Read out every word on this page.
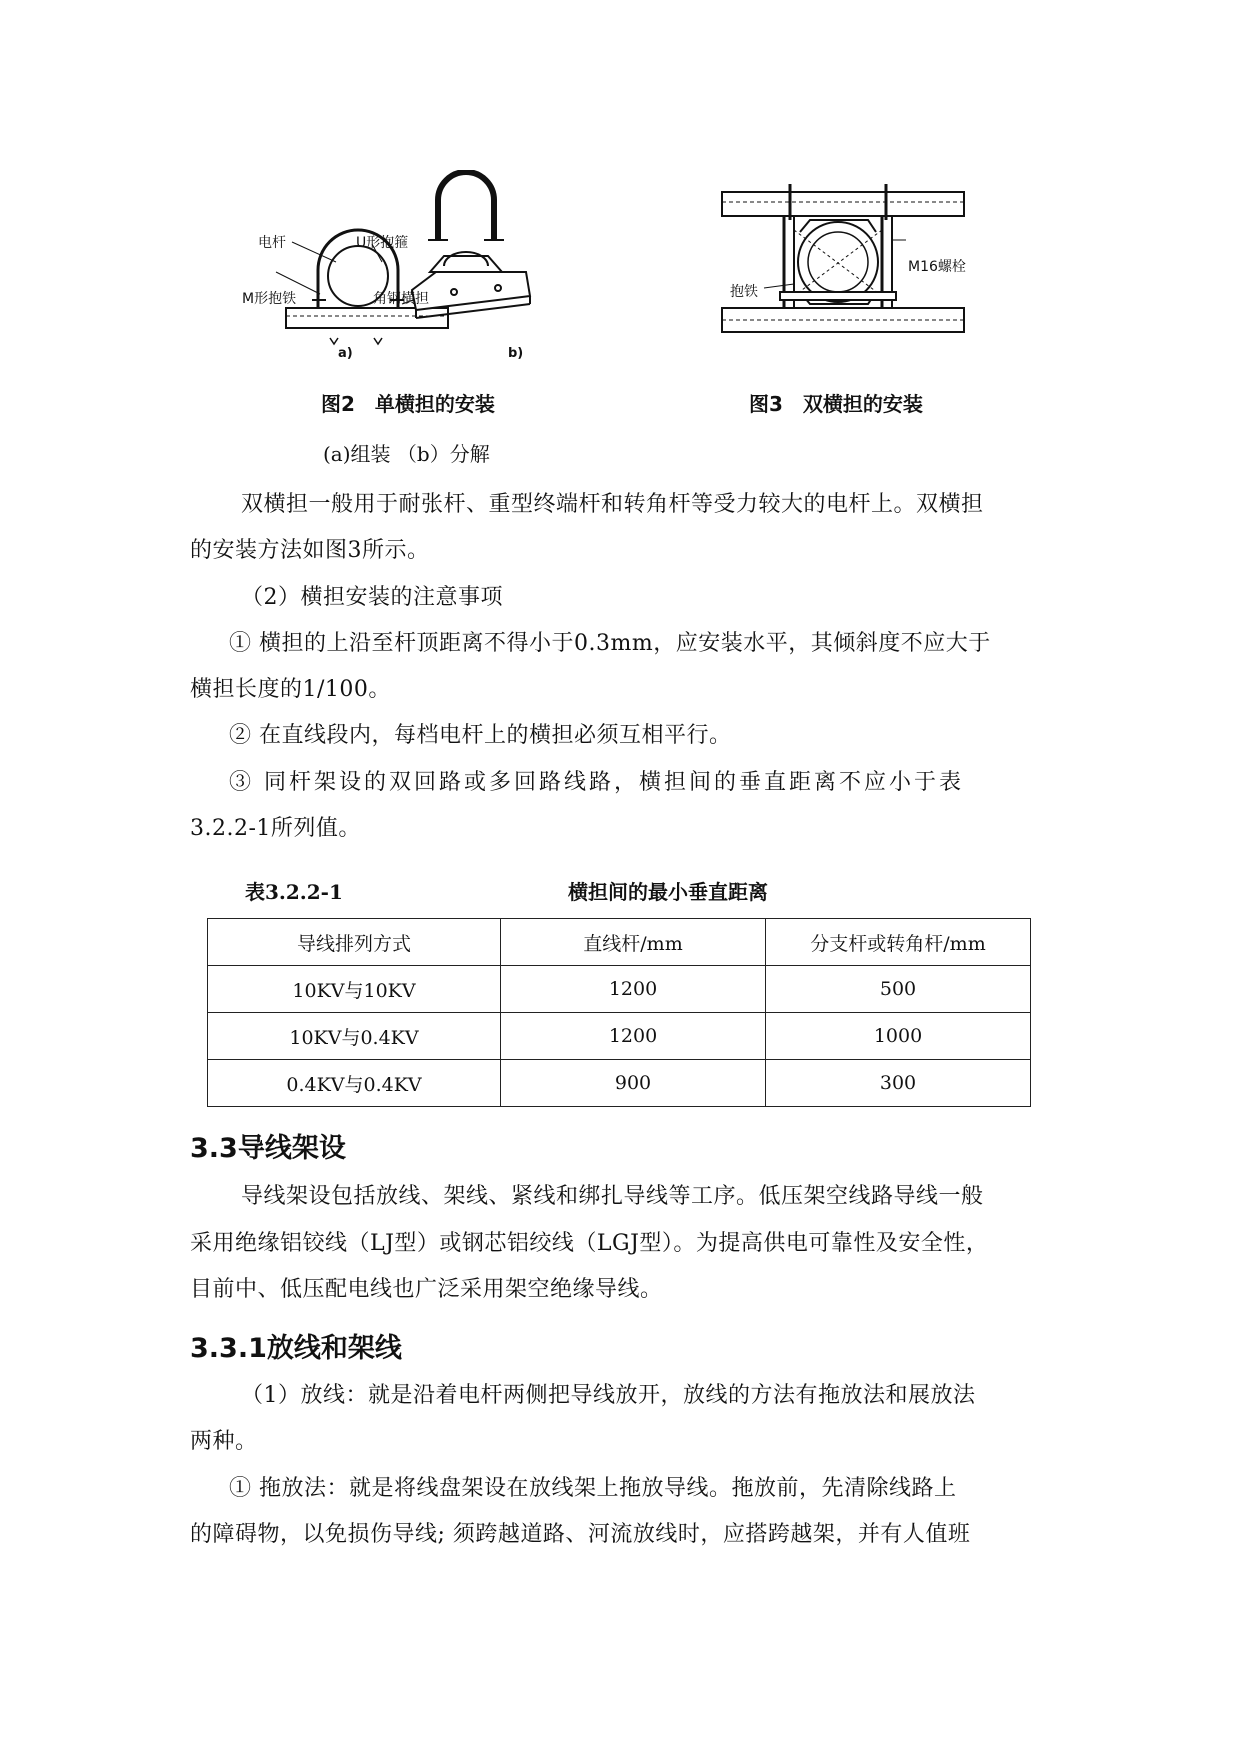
电杆	U形抱箍
M形抱铁	角钢横担
a)	b)
M16螺栓
抱铁
图2　单横担的安装	图3　双横担的安装
(a)组装 （b）分解
双横担一般用于耐张杆、重型终端杆和转角杆等受力较大的电杆上。双横担
的安装方法如图3所示。
（2）横担安装的注意事项
① 横担的上沿至杆顶距离不得小于0.3mm，应安装水平，其倾斜度不应大于
横担长度的1/100。
② 在直线段内，每档电杆上的横担必须互相平行。
③ 同杆架设的双回路或多回路线路，横担间的垂直距离不应小于表
3.2.2-1所列值。
表3.2.2-1	横担间的最小垂直距离
导线排列方式	直线杆/mm	分支杆或转角杆/mm
10KV与10KV	1200	500
10KV与0.4KV	1200	1000
0.4KV与0.4KV	900	300
3.3导线架设
导线架设包括放线、架线、紧线和绑扎导线等工序。低压架空线路导线一般
采用绝缘铝铰线（LJ型）或钢芯铝绞线（LGJ型）。为提高供电可靠性及安全性，
目前中、低压配电线也广泛采用架空绝缘导线。
3.3.1放线和架线
（1）放线：就是沿着电杆两侧把导线放开，放线的方法有拖放法和展放法
两种。
① 拖放法：就是将线盘架设在放线架上拖放导线。拖放前，先清除线路上
的障碍物，以免损伤导线; 须跨越道路、河流放线时，应搭跨越架，并有人值班
